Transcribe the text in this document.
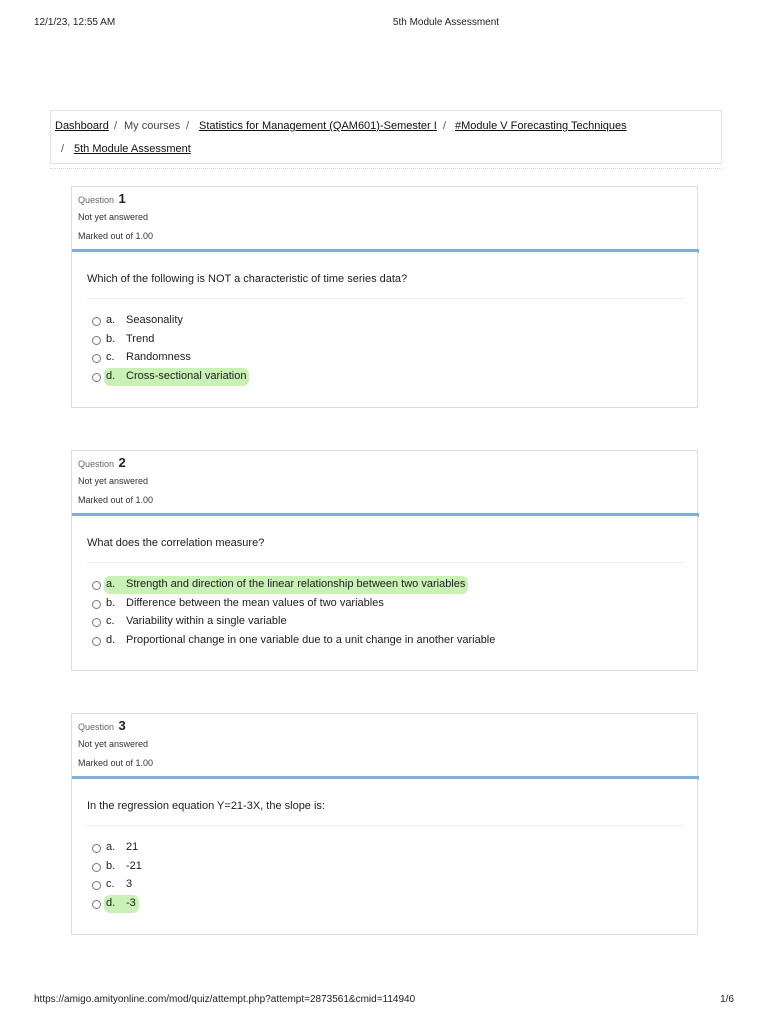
12/1/23, 12:55 AM	5th Module Assessment
Dashboard / My courses / Statistics for Management (QAM601)-Semester I / #Module V Forecasting Techniques
/ 5th Module Assessment
Question 1
Not yet answered
Marked out of 1.00
Which of the following is NOT a characteristic of time series data?
a. Seasonality
b. Trend
c. Randomness
d. Cross-sectional variation
Question 2
Not yet answered
Marked out of 1.00
What does the correlation measure?
a. Strength and direction of the linear relationship between two variables
b. Difference between the mean values of two variables
c. Variability within a single variable
d. Proportional change in one variable due to a unit change in another variable
Question 3
Not yet answered
Marked out of 1.00
In the regression equation Y=21-3X, the slope is:
a. 21
b. -21
c. 3
d. -3
https://amigo.amityonline.com/mod/quiz/attempt.php?attempt=2873561&cmid=114940	1/6
